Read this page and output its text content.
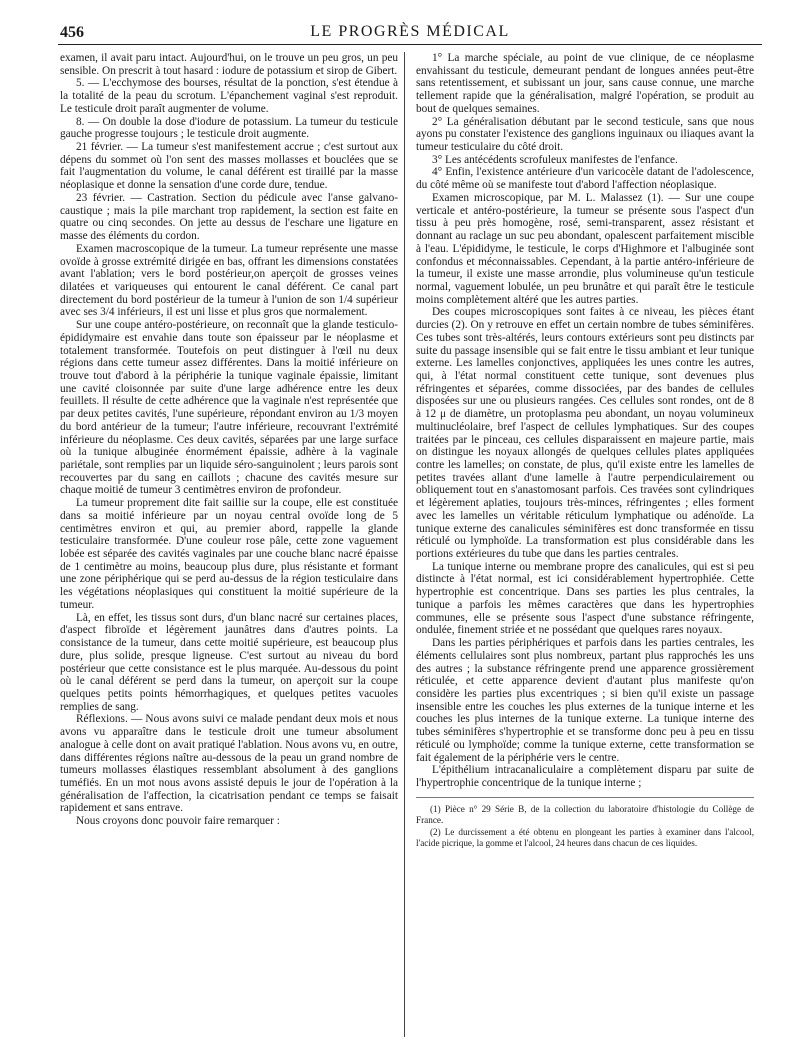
456	LE PROGRÈS MÉDICAL

examen, il avait paru intact. Aujourd'hui, on le trouve un peu gros, un peu sensible. On prescrit à tout hasard : iodure de potassium et sirop de Gibert.

5. — L'ecchymose des bourses, résultat de la ponction, s'est étendue à la totalité de la peau du scrotum. L'épanchement vaginal s'est reproduit. Le testicule droit paraît augmenter de volume.

8. — On double la dose d'iodure de potassium. La tumeur du testicule gauche progresse toujours ; le testicule droit augmente.

21 février. — La tumeur s'est manifestement accrue ; c'est surtout aux dépens du sommet où l'on sent des masses mollasses et bouclées que se fait l'augmentation du volume, le canal déférent est tiraillé par la masse néoplasique et donne la sensation d'une corde dure, tendue.

23 février. — Castration. Section du pédicule avec l'anse galvano-caustique ; mais la pile marchant trop rapidement, la section est faite en quatre ou cinq secondes. On jette au dessus de l'eschare une ligature en masse des éléments du cordon.

Examen macroscopique de la tumeur. La tumeur représente une masse ovoïde à grosse extrémité dirigée en bas, offrant les dimensions constatées avant l'ablation; vers le bord postérieur,on aperçoit de grosses veines dilatées et variqueuses qui entourent le canal déférent. Ce canal part directement du bord postérieur de la tumeur à l'union de son 1/4 supérieur avec ses 3/4 inférieurs, il est uni lisse et plus gros que normalement.

Sur une coupe antéro-postérieure, on reconnaît que la glande testiculo-épididymaire est envahie dans toute son épaisseur par le néoplasme et totalement transformée. Toutefois on peut distinguer à l'œil nu deux régions dans cette tumeur assez différentes. Dans la moitié inférieure on trouve tout d'abord à la périphérie la tunique vaginale épaissie, limitant une cavité cloisonnée par suite d'une large adhérence entre les deux feuillets. Il résulte de cette adhérence que la vaginale n'est représentée que par deux petites cavités, l'une supérieure, répondant environ au 1/3 moyen du bord antérieur de la tumeur; l'autre inférieure, recouvrant l'extrémité inférieure du néoplasme. Ces deux cavités, séparées par une large surface où la tunique albuginée énormément épaissie, adhère à la vaginale pariétale, sont remplies par un liquide séro-sanguinolent ; leurs parois sont recouvertes par du sang en caillots ; chacune des cavités mesure sur chaque moitié de tumeur 3 centimètres environ de profondeur.

La tumeur proprement dite fait saillie sur la coupe, elle est constituée dans sa moitié inférieure par un noyau central ovoïde long de 5 centimètres environ et qui, au premier abord, rappelle la glande testiculaire transformée. D'une couleur rose pâle, cette zone vaguement lobée est séparée des cavités vaginales par une couche blanc nacré épaisse de 1 centimètre au moins, beaucoup plus dure, plus résistante et formant une zone périphérique qui se perd au-dessus de la région testiculaire dans les végétations néoplasiques qui constituent la moitié supérieure de la tumeur.

Là, en effet, les tissus sont durs, d'un blanc nacré sur certaines places, d'aspect fibroïde et légèrement jaunâtres dans d'autres points. La consistance de la tumeur, dans cette moitié supérieure, est beaucoup plus dure, plus solide, presque ligneuse. C'est surtout au niveau du bord postérieur que cette consistance est le plus marquée. Au-dessous du point où le canal déférent se perd dans la tumeur, on aperçoit sur la coupe quelques petits points hémorrhagiques, et quelques petites vacuoles remplies de sang.

Réflexions. — Nous avons suivi ce malade pendant deux mois et nous avons vu apparaître dans le testicule droit une tumeur absolument analogue à celle dont on avait pratiqué l'ablation. Nous avons vu, en outre, dans différentes régions naître au-dessous de la peau un grand nombre de tumeurs mollasses élastiques ressemblant absolument à des ganglions tuméfiés. En un mot nous avons assisté depuis le jour de l'opération à la généralisation de l'affection, la cicatrisation pendant ce temps se faisait rapidement et sans entrave.

Nous croyons donc pouvoir faire remarquer :

1° La marche spéciale, au point de vue clinique, de ce néoplasme envahissant du testicule, demeurant pendant de longues années peut-être sans retentissement, et subissant un jour, sans cause connue, une marche tellement rapide que la généralisation, malgré l'opération, se produit au bout de quelques semaines.

2° La généralisation débutant par le second testicule, sans que nous ayons pu constater l'existence des ganglions inguinaux ou iliaques avant la tumeur testiculaire du côté droit.

3° Les antécédents scrofuleux manifestes de l'enfance.

4° Enfin, l'existence antérieure d'un varicocèle datant de l'adolescence, du côté même où se manifeste tout d'abord l'affection néoplasique.

Examen microscopique, par M. L. Malassez (1). — Sur une coupe verticale et antéro-postérieure, la tumeur se présente sous l'aspect d'un tissu à peu près homogène, rosé, semi-transparent, assez résistant et donnant au raclage un suc peu abondant, opalescent parfaitement miscible à l'eau. L'épididyme, le testicule, le corps d'Highmore et l'albuginée sont confondus et méconnaissables. Cependant, à la partie antéro-inférieure de la tumeur, il existe une masse arrondie, plus volumineuse qu'un testicule normal, vaguement lobulée, un peu brunâtre et qui paraît être le testicule moins complètement altéré que les autres parties.

Des coupes microscopiques sont faites à ce niveau, les pièces étant durcies (2). On y retrouve en effet un certain nombre de tubes séminifères. Ces tubes sont très-altérés, leurs contours extérieurs sont peu distincts par suite du passage insensible qui se fait entre le tissu ambiant et leur tunique externe. Les lamelles conjonctives, appliquées les unes contre les autres, qui, à l'état normal constituent cette tunique, sont devenues plus réfringentes et séparées, comme dissociées, par des bandes de cellules disposées sur une ou plusieurs rangées. Ces cellules sont rondes, ont de 8 à 12 μ de diamètre, un protoplasma peu abondant, un noyau volumineux multinucléolaire, bref l'aspect de cellules lymphatiques. Sur des coupes traitées par le pinceau, ces cellules disparaissent en majeure partie, mais on distingue les noyaux allongés de quelques cellules plates appliquées contre les lamelles; on constate, de plus, qu'il existe entre les lamelles de petites travées allant d'une lamelle à l'autre perpendiculairement ou obliquement tout en s'anastomosant parfois. Ces travées sont cylindriques et légèrement aplaties, toujours très-minces, réfringentes ; elles forment avec les lamelles un véritable réticulum lymphatique ou adénoïde. La tunique externe des canalicules séminifères est donc transformée en tissu réticulé ou lymphoïde. La transformation est plus considérable dans les portions extérieures du tube que dans les parties centrales.

La tunique interne ou membrane propre des canalicules, qui est si peu distincte à l'état normal, est ici considérablement hypertrophiée. Cette hypertrophie est concentrique. Dans ses parties les plus centrales, la tunique a parfois les mêmes caractères que dans les hypertrophies communes, elle se présente sous l'aspect d'une substance réfringente, ondulée, finement striée et ne possédant que quelques rares noyaux.

Dans les parties périphériques et parfois dans les parties centrales, les éléments cellulaires sont plus nombreux, partant plus rapprochés les uns des autres ; la substance réfringente prend une apparence grossièrement réticulée, et cette apparence devient d'autant plus manifeste qu'on considère les parties plus excentriques ; si bien qu'il existe un passage insensible entre les couches les plus externes de la tunique interne et les couches les plus internes de la tunique externe. La tunique interne des tubes séminifères s'hypertrophie et se transforme donc peu à peu en tissu réticulé ou lymphoïde; comme la tunique externe, cette transformation se fait également de la périphérie vers le centre.

L'épithélium intracanaliculaire a complètement disparu par suite de l'hypertrophie concentrique de la tunique interne ;

(1) Pièce n° 29 Série B, de la collection du laboratoire d'histologie du Collège de France.

(2) Le durcissement a été obtenu en plongeant les parties à examiner dans l'alcool, l'acide picrique, la gomme et l'alcool, 24 heures dans chacun de ces liquides.
